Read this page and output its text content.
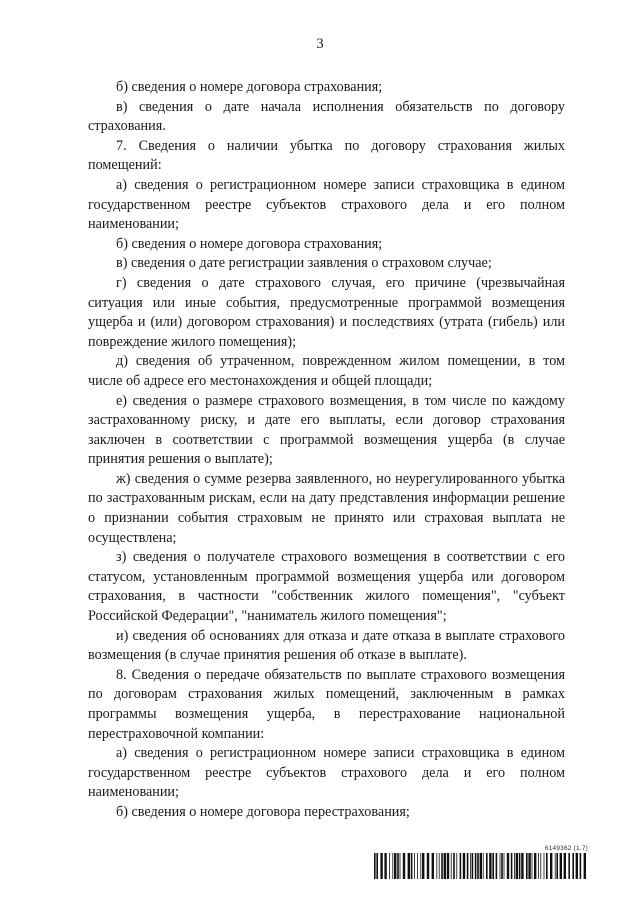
3

б) сведения о номере договора страхования;

в) сведения о дате начала исполнения обязательств по договору страхования.

7. Сведения о наличии убытка по договору страхования жилых помещений:

а) сведения о регистрационном номере записи страховщика в едином государственном реестре субъектов страхового дела и его полном наименовании;

б) сведения о номере договора страхования;

в) сведения о дате регистрации заявления о страховом случае;

г) сведения о дате страхового случая, его причине (чрезвычайная ситуация или иные события, предусмотренные программой возмещения ущерба и (или) договором страхования) и последствиях (утрата (гибель) или повреждение жилого помещения);

д) сведения об утраченном, поврежденном жилом помещении, в том числе об адресе его местонахождения и общей площади;

е) сведения о размере страхового возмещения, в том числе по каждому застрахованному риску, и дате его выплаты, если договор страхования заключен в соответствии с программой возмещения ущерба (в случае принятия решения о выплате);

ж) сведения о сумме резерва заявленного, но неурегулированного убытка по застрахованным рискам, если на дату представления информации решение о признании события страховым не принято или страховая выплата не осуществлена;

з) сведения о получателе страхового возмещения в соответствии с его статусом, установленным программой возмещения ущерба или договором страхования, в частности "собственник жилого помещения", "субъект Российской Федерации", "наниматель жилого помещения";

и) сведения об основаниях для отказа и дате отказа в выплате страхового возмещения (в случае принятия решения об отказе в выплате).

8. Сведения о передаче обязательств по выплате страхового возмещения по договорам страхования жилых помещений, заключенным в рамках программы возмещения ущерба, в перестрахование национальной перестраховочной компании:

а) сведения о регистрационном номере записи страховщика в едином государственном реестре субъектов страхового дела и его полном наименовании;

б) сведения о номере договора перестрахования;

6149362 (1.7)
